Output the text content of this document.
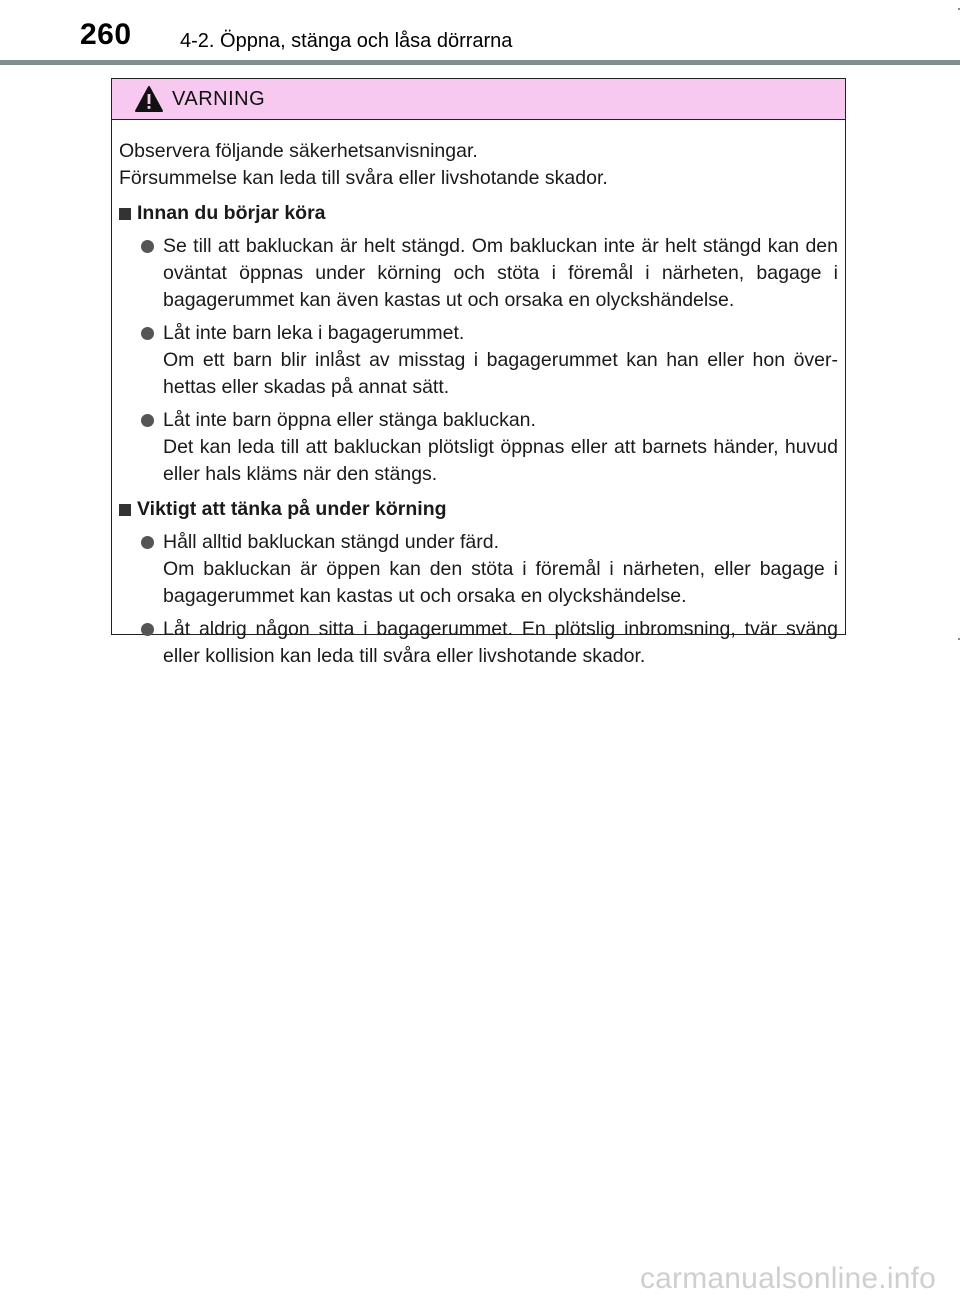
260 4-2. Öppna, stänga och låsa dörrarna
VARNING

Observera följande säkerhetsanvisningar.

Försummelse kan leda till svåra eller livshotande skador.

Innan du börjar köra

Se till att bakluckan är helt stängd. Om bakluckan inte är helt stängd kan den oväntat öppnas under körning och stöta i föremål i närheten, bagage i bagagerummet kan även kastas ut och orsaka en olyckshändelse.

Låt inte barn leka i bagagerummet.

Om ett barn blir inlåst av misstag i bagagerummet kan han eller hon över-hettas eller skadas på annat sätt.

Låt inte barn öppna eller stänga bakluckan.

Det kan leda till att bakluckan plötsligt öppnas eller att barnets händer, huvud eller hals kläms när den stängs.

Viktigt att tänka på under körning

Håll alltid bakluckan stängd under färd.

Om bakluckan är öppen kan den stöta i föremål i närheten, eller bagage i bagagerummet kan kastas ut och orsaka en olyckshändelse.

Låt aldrig någon sitta i bagagerummet. En plötslig inbromsning, tvär sväng eller kollision kan leda till svåra eller livshotande skador.

carmanualsonline.info
